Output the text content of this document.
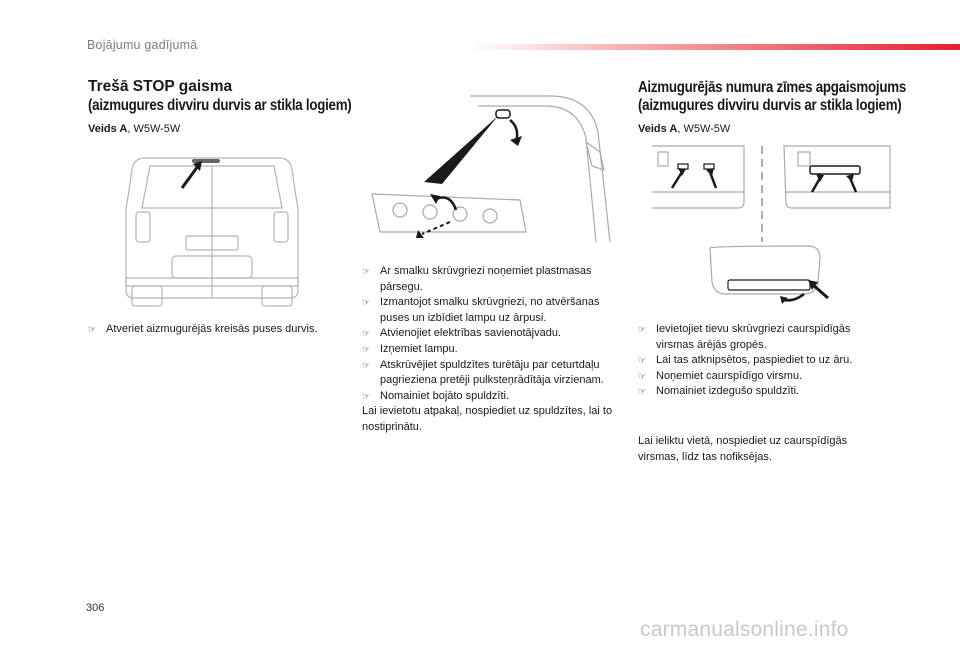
Bojājumu gadījumā
Trešā STOP gaisma
(aizmugures divviru durvis ar stikla logiem)
Veids A, W5W-5W
☞ Atveriet aizmugurējās kreisās puses durvis.
☞ Ar smalku skrūvgriezi noņemiet plastmasas pārsegu.
☞ Izmantojot smalku skrūvgriezi, no atvēršanas puses un izbīdiet lampu uz ārpusi.
☞ Atvienojiet elektrības savienotājvadu.
☞ Izņemiet lampu.
☞ Atskrūvējiet spuldzītes turētāju par ceturtdaļu pagrieziena pretēji pulksteņrādītāja virzienam.
☞ Nomainiet bojāto spuldzīti.
Lai ievietotu atpakaļ, nospiediet uz spuldzītes, lai to nostiprinātu.
Aizmugurējās numura zīmes apgaismojums
(aizmugures divviru durvis ar stikla logiem)
Veids A, W5W-5W
☞ Ievietojiet tievu skrūvgriezi caurspīdīgās virsmas ārējās gropēs.
☞ Lai tas atknipsētos, paspiediet to uz āru.
☞ Noņemiet caurspīdīgo virsmu.
☞ Nomainiet izdegušo spuldzīti.
Lai ieliktu vietā, nospiediet uz caurspīdīgās virsmas, līdz tas nofiksējas.
306
carmanualsonline.info
